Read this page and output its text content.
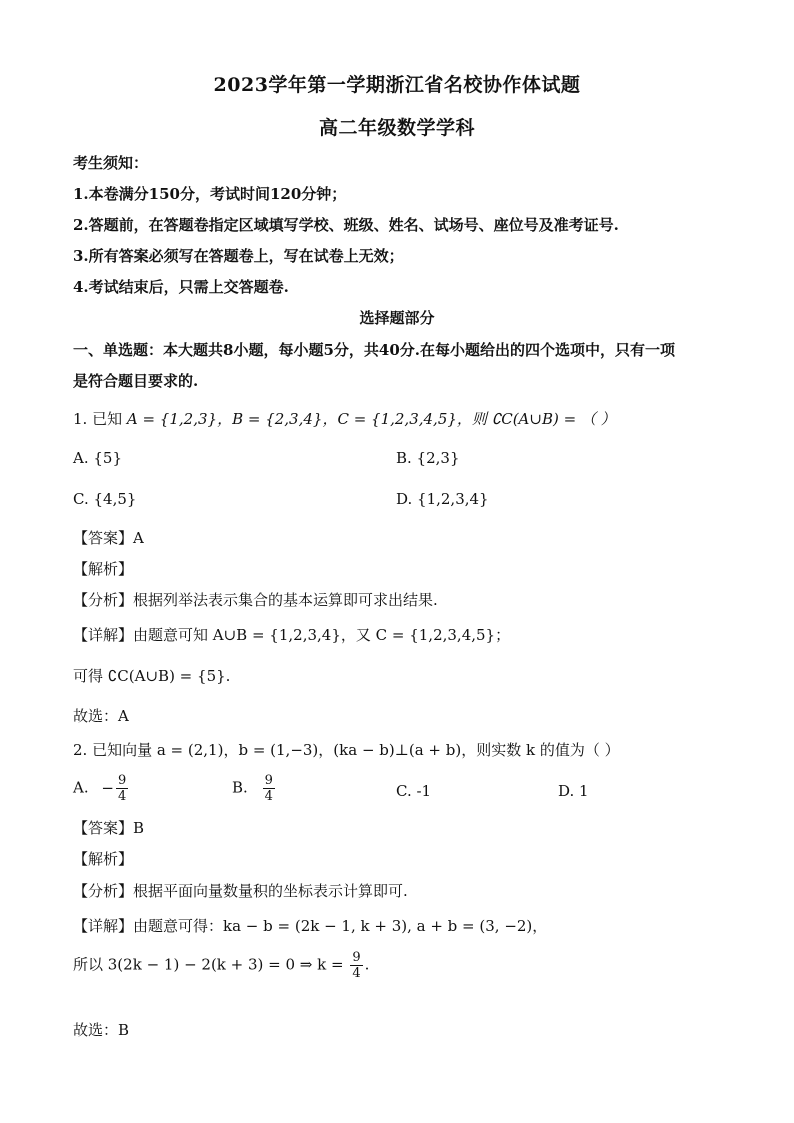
2023学年第一学期浙江省名校协作体试题
高二年级数学学科
考生须知：
1.本卷满分150分，考试时间120分钟；
2.答题前，在答题卷指定区域填写学校、班级、姓名、试场号、座位号及准考证号.
3.所有答案必须写在答题卷上，写在试卷上无效；
4.考试结束后，只需上交答题卷.
选择题部分
一、单选题：本大题共8小题，每小题5分，共40分.在每小题给出的四个选项中，只有一项
是符合题目要求的.
1. 已知 A = {1,2,3}，B = {2,3,4}，C = {1,2,3,4,5}，则 ∁C(A∪B) = （ ）
A. {5}	B. {2,3}
C. {4,5}	D. {1,2,3,4}
【答案】A
【解析】
【分析】根据列举法表示集合的基本运算即可求出结果.
【详解】由题意可知 A∪B = {1,2,3,4}，又 C = {1,2,3,4,5}；
可得 ∁C(A∪B) = {5}.
故选：A
2. 已知向量 a = (2,1)，b = (1,−3)，(ka − b)⊥(a + b)，则实数 k 的值为（ ）
A. − $\frac{9}{4}$	B. $\frac{9}{4}$	C. -1	D. 1
【答案】B
【解析】
【分析】根据平面向量数量积的坐标表示计算即可.
【详解】由题意可得：ka − b = (2k − 1, k + 3), a + b = (3, −2)，
所以 3(2k − 1) − 2(k + 3) = 0 ⇒ $k = \frac{9}{4}$ .
故选：B
